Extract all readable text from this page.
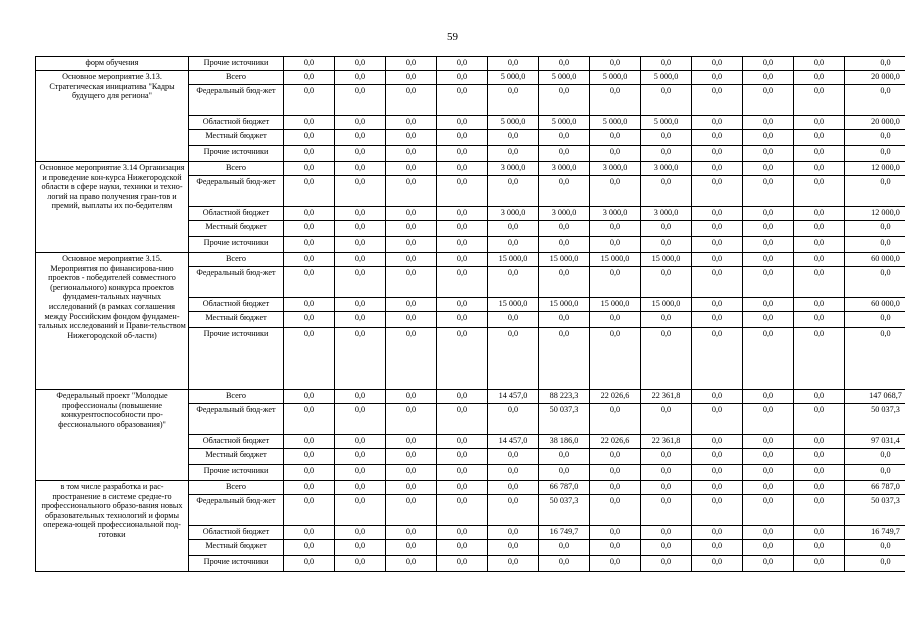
59
форм обучения	Прочие источники	0,0	0,0	0,0	0,0	0,0	0,0	0,0	0,0	0,0	0,0	0,0	0,0
Основное мероприятие 3.13. Стратегическая инициатива "Кадры будущего для региона"	Всего	0,0	0,0	0,0	0,0	5 000,0	5 000,0	5 000,0	5 000,0	0,0	0,0	0,0	20 000,0
	Федеральный бюд-жет	0,0	0,0	0,0	0,0	0,0	0,0	0,0	0,0	0,0	0,0	0,0	0,0
	Областной бюджет	0,0	0,0	0,0	0,0	5 000,0	5 000,0	5 000,0	5 000,0	0,0	0,0	0,0	20 000,0
	Местный бюджет	0,0	0,0	0,0	0,0	0,0	0,0	0,0	0,0	0,0	0,0	0,0	0,0
	Прочие источники	0,0	0,0	0,0	0,0	0,0	0,0	0,0	0,0	0,0	0,0	0,0	0,0
Основное мероприятие 3.14 Организация и проведение кон-курса Нижегородской области в сфере науки, техники и техно-логий на право получения гран-тов и премий, выплаты их по-бедителям	Всего	0,0	0,0	0,0	0,0	3 000,0	3 000,0	3 000,0	3 000,0	0,0	0,0	0,0	12 000,0
	Федеральный бюд-жет	0,0	0,0	0,0	0,0	0,0	0,0	0,0	0,0	0,0	0,0	0,0	0,0
	Областной бюджет	0,0	0,0	0,0	0,0	3 000,0	3 000,0	3 000,0	3 000,0	0,0	0,0	0,0	12 000,0
	Местный бюджет	0,0	0,0	0,0	0,0	0,0	0,0	0,0	0,0	0,0	0,0	0,0	0,0
	Прочие источники	0,0	0,0	0,0	0,0	0,0	0,0	0,0	0,0	0,0	0,0	0,0	0,0
Основное мероприятие 3.15. Мероприятия по финансирова-нию проектов - победителей совместного (регионального) конкурса проектов фундамен-тальных научных исследований (в рамках соглашения между Российским фондом фундамен-тальных исследований и Прави-тельством Нижегородской об-ласти)	Всего	0,0	0,0	0,0	0,0	15 000,0	15 000,0	15 000,0	15 000,0	0,0	0,0	0,0	60 000,0
	Федеральный бюд-жет	0,0	0,0	0,0	0,0	0,0	0,0	0,0	0,0	0,0	0,0	0,0	0,0
	Областной бюджет	0,0	0,0	0,0	0,0	15 000,0	15 000,0	15 000,0	15 000,0	0,0	0,0	0,0	60 000,0
	Местный бюджет	0,0	0,0	0,0	0,0	0,0	0,0	0,0	0,0	0,0	0,0	0,0	0,0
	Прочие источники	0,0	0,0	0,0	0,0	0,0	0,0	0,0	0,0	0,0	0,0	0,0	0,0
Федеральный проект "Молодые профессионалы (повышение конкурентоспособности про-фессионального образования)"	Всего	0,0	0,0	0,0	0,0	14 457,0	88 223,3	22 026,6	22 361,8	0,0	0,0	0,0	147 068,7
	Федеральный бюд-жет	0,0	0,0	0,0	0,0	0,0	50 037,3	0,0	0,0	0,0	0,0	0,0	50 037,3
	Областной бюджет	0,0	0,0	0,0	0,0	14 457,0	38 186,0	22 026,6	22 361,8	0,0	0,0	0,0	97 031,4
	Местный бюджет	0,0	0,0	0,0	0,0	0,0	0,0	0,0	0,0	0,0	0,0	0,0	0,0
	Прочие источники	0,0	0,0	0,0	0,0	0,0	0,0	0,0	0,0	0,0	0,0	0,0	0,0
в том числе разработка и рас-пространение в системе средне-го профессионального образо-вания новых образовательных технологий и формы опережа-ющей профессиональной под-готовки	Всего	0,0	0,0	0,0	0,0	0,0	66 787,0	0,0	0,0	0,0	0,0	0,0	66 787,0
	Федеральный бюд-жет	0,0	0,0	0,0	0,0	0,0	50 037,3	0,0	0,0	0,0	0,0	0,0	50 037,3
	Областной бюджет	0,0	0,0	0,0	0,0	0,0	16 749,7	0,0	0,0	0,0	0,0	0,0	16 749,7
	Местный бюджет	0,0	0,0	0,0	0,0	0,0	0,0	0,0	0,0	0,0	0,0	0,0	0,0
	Прочие источники	0,0	0,0	0,0	0,0	0,0	0,0	0,0	0,0	0,0	0,0	0,0	0,0
